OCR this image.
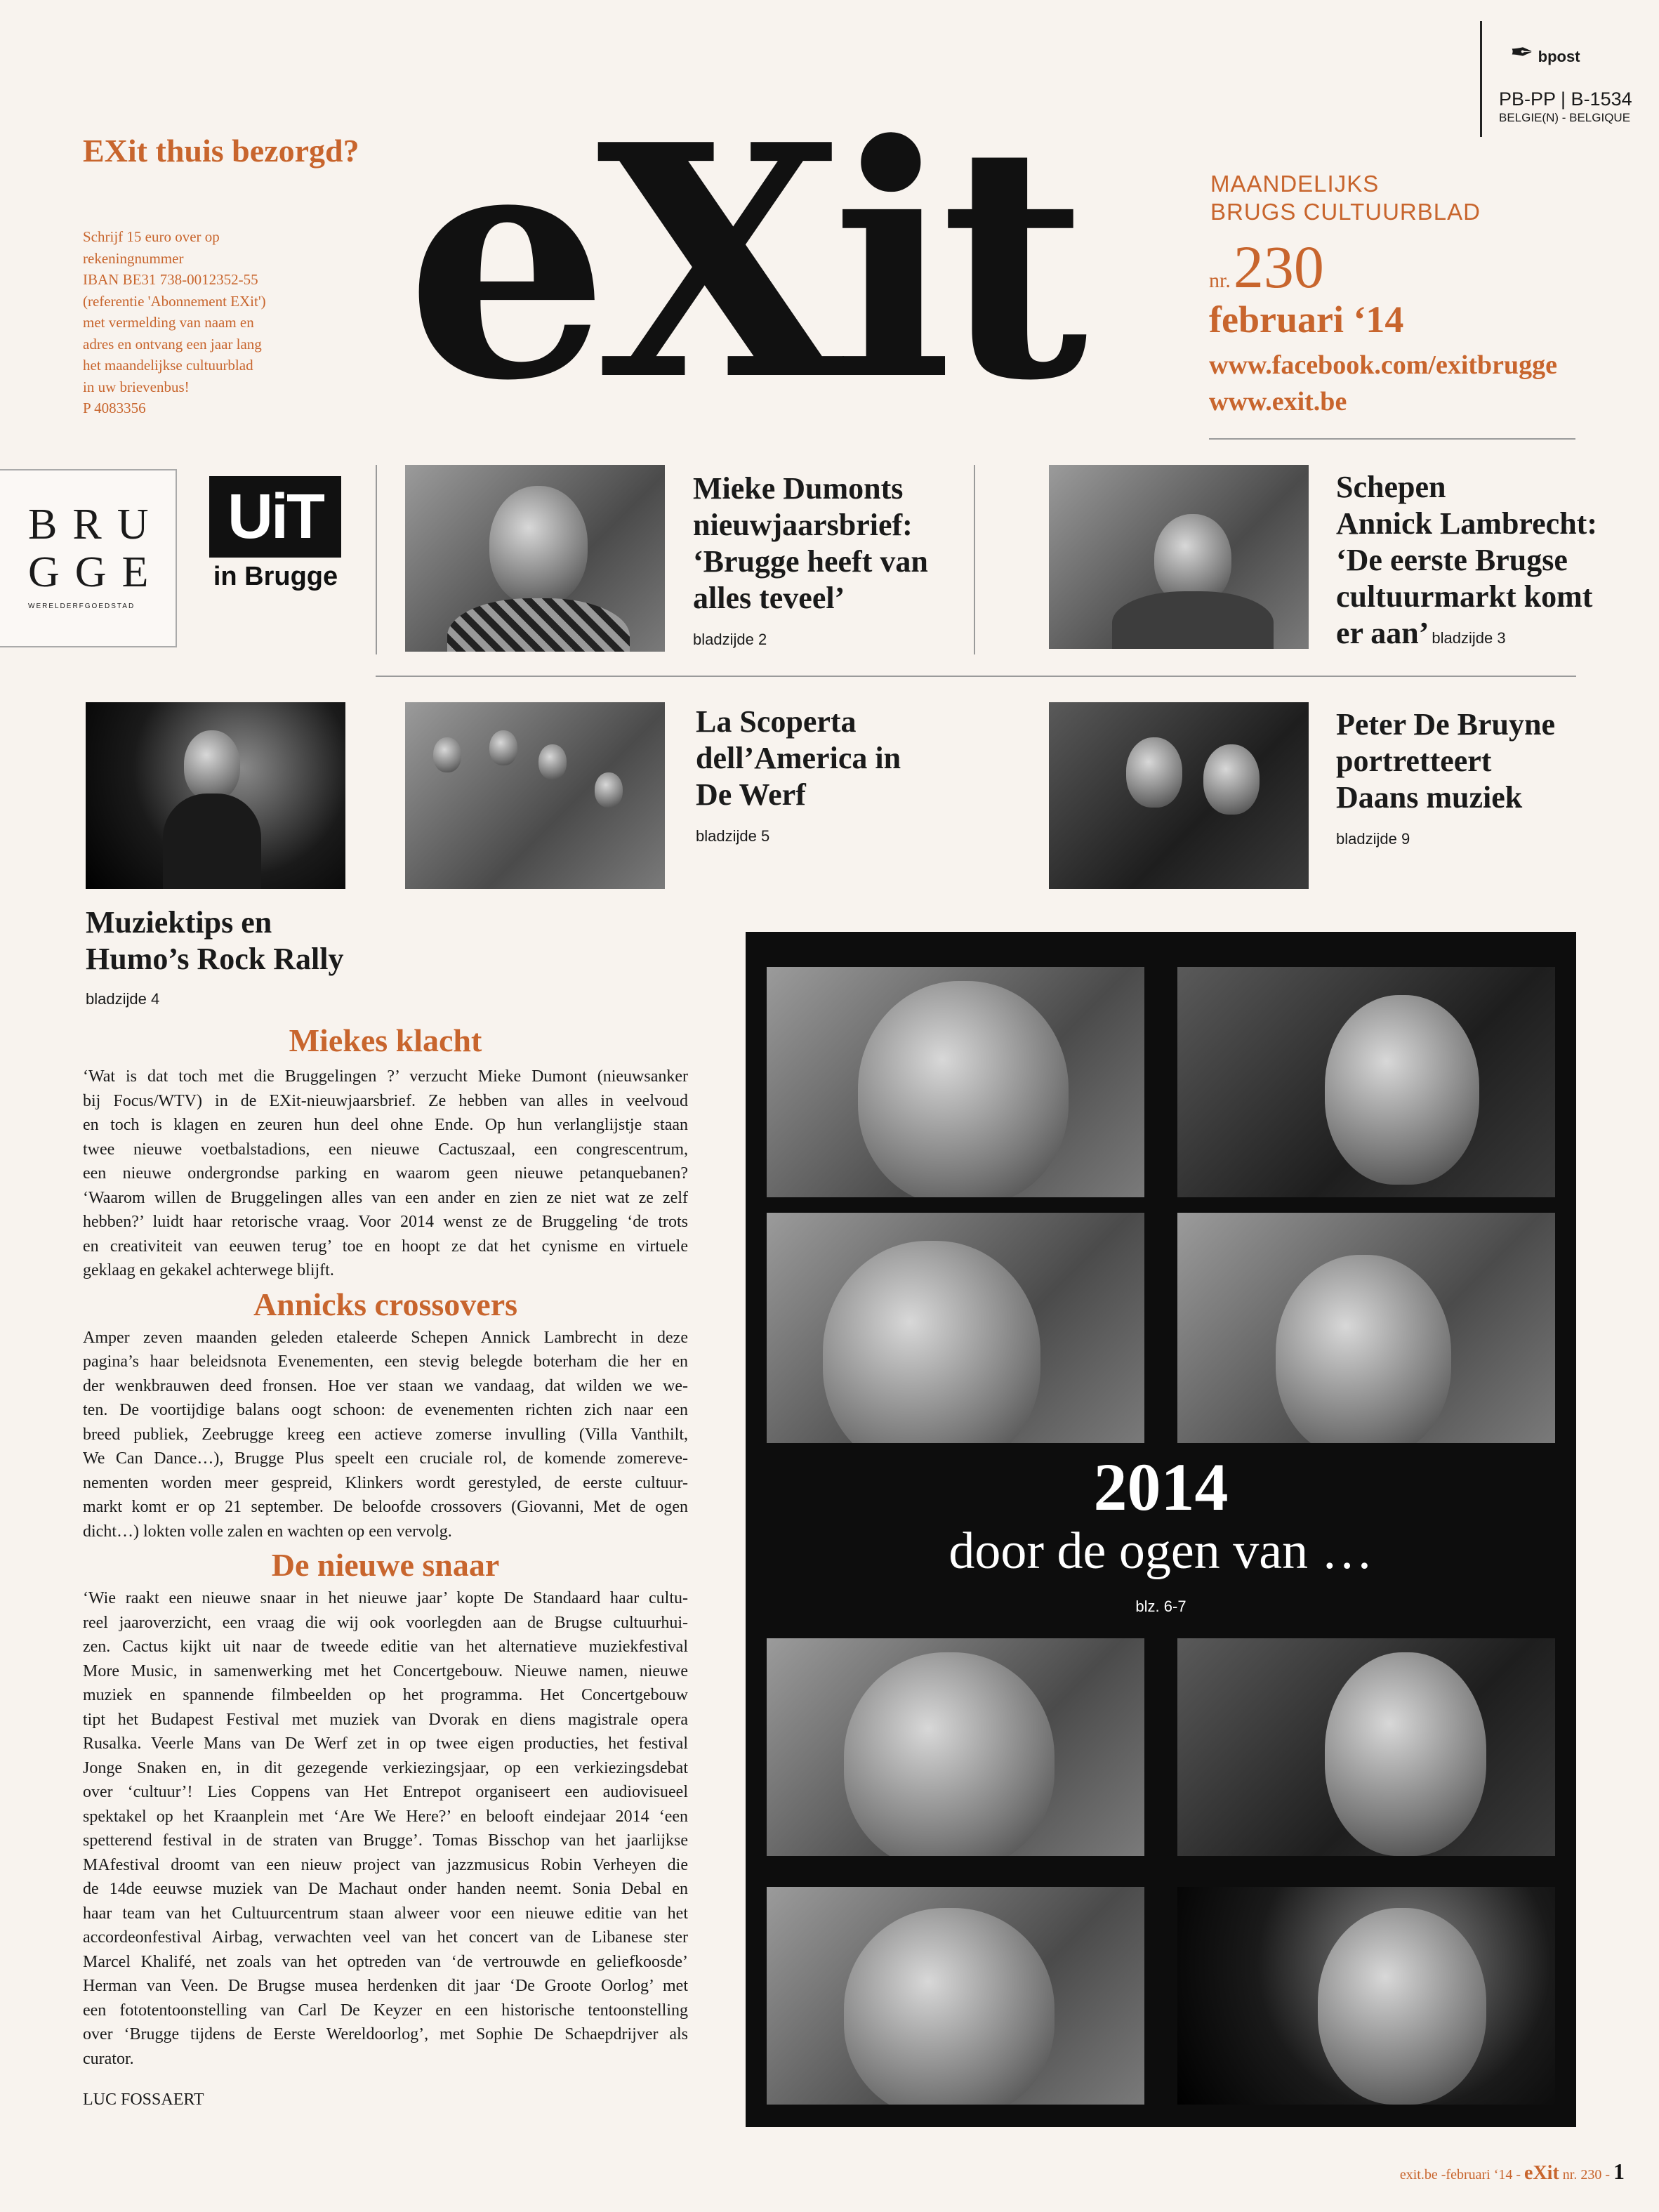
EXit thuis bezorgd?
Schrijf 15 euro over op
rekeningnummer
IBAN BE31 738-0012352-55
(referentie 'Abonnement EXit')
met vermelding van naam en
adres en ontvang een jaar lang
het maandelijkse cultuurblad
in uw brievenbus!
P 4083356 eXit	MAANDELIJKS
BRUGS CULTUURBLAD
nr. 230
februari ‘14
www.facebook.com/exitbrugge
www.exit.be
✒ bpost
PB-PP | B-1534
BELGIE(N) - BELGIQUE
BRU
GGE
WERELDERFGOEDSTAD
UiT
in Brugge
Mieke Dumonts
nieuwjaarsbrief:
‘Brugge heeft van
alles teveel’
bladzijde 2
Schepen
Annick Lambrecht:
‘De eerste Brugse
cultuurmarkt komt
er aan’ bladzijde 3
La Scoperta
dell’America in
De Werf
bladzijde 5
Peter De Bruyne
portretteert
Daans muziek
bladzijde 9
Muziektips en
Humo’s Rock Rally
bladzijde 4
Miekes klacht
‘Wat is dat toch met die Bruggelingen ?’ verzucht Mieke Dumont (nieuwsanker
bij Focus/WTV) in de EXit-nieuwjaarsbrief. Ze hebben van alles in veelvoud
en toch is klagen en zeuren hun deel ohne Ende. Op hun verlanglijstje staan
twee nieuwe voetbalstadions, een nieuwe Cactuszaal, een congrescentrum,
een nieuwe ondergrondse parking en waarom geen nieuwe petanquebanen?
‘Waarom willen de Bruggelingen alles van een ander en zien ze niet wat ze zelf
hebben?’ luidt haar retorische vraag. Voor 2014 wenst ze de Bruggeling ‘de trots
en creativiteit van eeuwen terug’ toe en hoopt ze dat het cynisme en virtuele
geklaag en gekakel achterwege blijft.
Annicks crossovers
Amper zeven maanden geleden etaleerde Schepen Annick Lambrecht in deze
pagina’s haar beleidsnota Evenementen, een stevig belegde boterham die her en
der wenkbrauwen deed fronsen. Hoe ver staan we vandaag, dat wilden we we-
ten. De voortijdige balans oogt schoon: de evenementen richten zich naar een
breed publiek, Zeebrugge kreeg een actieve zomerse invulling (Villa Vanthilt,
We Can Dance…), Brugge Plus speelt een cruciale rol, de komende zomereve-
nementen worden meer gespreid, Klinkers wordt gerestyled, de eerste cultuur-
markt komt er op 21 september. De beloofde crossovers (Giovanni, Met de ogen
dicht…) lokten volle zalen en wachten op een vervolg.
De nieuwe snaar
‘Wie raakt een nieuwe snaar in het nieuwe jaar’ kopte De Standaard haar cultu-
reel jaaroverzicht, een vraag die wij ook voorlegden aan de Brugse cultuurhui-
zen. Cactus kijkt uit naar de tweede editie van het alternatieve muziekfestival
More Music, in samenwerking met het Concertgebouw. Nieuwe namen, nieuwe
muziek en spannende filmbeelden op het programma. Het Concertgebouw
tipt het Budapest Festival met muziek van Dvorak en diens magistrale opera
Rusalka. Veerle Mans van De Werf zet in op twee eigen producties, het festival
Jonge Snaken en, in dit gezegende verkiezingsjaar, op een verkiezingsdebat
over ‘cultuur’! Lies Coppens van Het Entrepot organiseert een audiovisueel
spektakel op het Kraanplein met ‘Are We Here?’ en belooft eindejaar 2014 ‘een
spetterend festival in de straten van Brugge’. Tomas Bisschop van het jaarlijkse
MAfestival droomt van een nieuw project van jazzmusicus Robin Verheyen die
de 14de eeuwse muziek van De Machaut onder handen neemt. Sonia Debal en
haar team van het Cultuurcentrum staan alweer voor een nieuwe editie van het
accordeonfestival Airbag, verwachten veel van het concert van de Libanese ster
Marcel Khalifé, net zoals van het optreden van ‘de vertrouwde en geliefkoosde’
Herman van Veen. De Brugse musea herdenken dit jaar ‘De Groote Oorlog’ met
een fototentoonstelling van Carl De Keyzer en een historische tentoonstelling
over ‘Brugge tijdens de Eerste Wereldoorlog’, met Sophie De Schaepdrijver als
curator.
LUC FOSSAERT
2014
door de ogen van …
blz. 6-7
exit.be -februari ‘14 - eXit nr. 230 - 1
